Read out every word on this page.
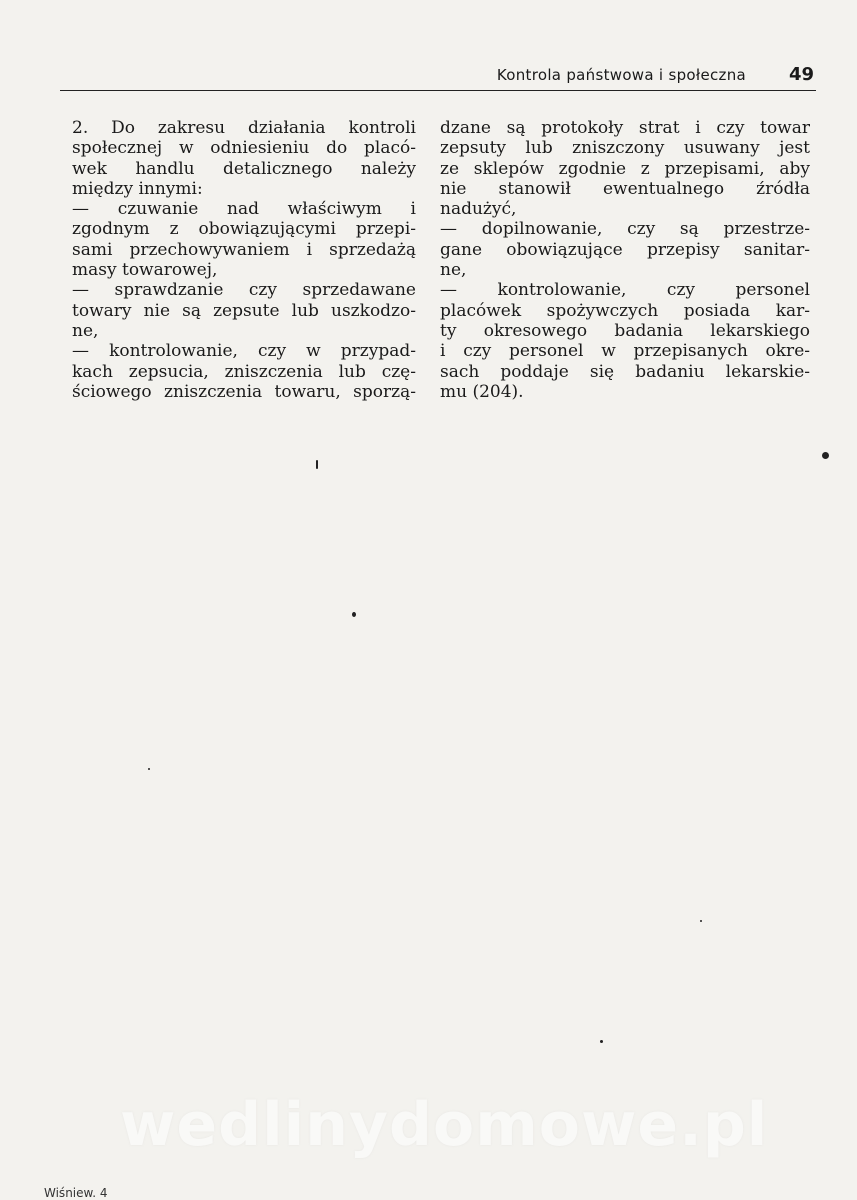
Kontrola państwowa i społeczna 49
2. Do zakresu działania kontroli
społecznej w odniesieniu do placó-
wek handlu detalicznego należy
między innymi:
— czuwanie nad właściwym i
zgodnym z obowiązującymi przepi-
sami przechowywaniem i sprzedażą
masy towarowej,
— sprawdzanie czy sprzedawane
towary nie są zepsute lub uszkodzo-
ne,
— kontrolowanie, czy w przypad-
kach zepsucia, zniszczenia lub czę-
ściowego zniszczenia towaru, sporzą-
dzane są protokoły strat i czy towar
zepsuty lub zniszczony usuwany jest
ze sklepów zgodnie z przepisami, aby
nie stanowił ewentualnego źródła
nadużyć,
— dopilnowanie, czy są przestrze-
gane obowiązujące przepisy sanitar-
ne,
— kontrolowanie, czy personel
placówek spożywczych posiada kar-
ty okresowego badania lekarskiego
i czy personel w przepisanych okre-
sach poddaje się badaniu lekarskie-
mu (204).
wedlinydomowe.pl
Wiśniew. 4
